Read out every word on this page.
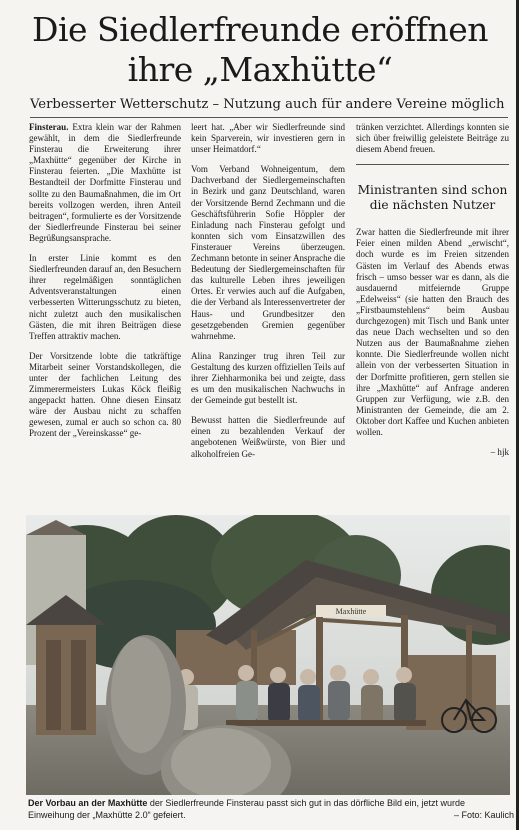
Die Siedlerfreunde eröffnen
ihre „Maxhütte“
Verbesserter Wetterschutz – Nutzung auch für andere Vereine möglich

Finsterau. Extra klein war der Rahmen gewählt, in dem die Siedlerfreunde Finsterau die Erweiterung ihrer „Maxhütte“ gegenüber der Kirche in Finsterau feierten. „Die Maxhütte ist Bestandteil der Dorfmitte Finsterau und sollte zu den Baumaßnahmen, die im Ort bereits vollzogen werden, ihren Anteil beitragen“, formulierte es der Vorsitzende der Siedlerfreunde Finsterau bei seiner Begrüßungsansprache.

In erster Linie kommt es den Siedlerfreunden darauf an, den Besuchern ihrer regelmäßigen sonntäglichen Adventsveranstaltungen einen verbesserten Witterungsschutz zu bieten, nicht zuletzt auch den musikalischen Gästen, die mit ihren Beiträgen diese Treffen attraktiv machen.

Der Vorsitzende lobte die tatkräftige Mitarbeit seiner Vorstandskollegen, die unter der fachlichen Leitung des Zimmerermeisters Lukas Köck fleißig angepackt hatten. Ohne diesen Einsatz wäre der Ausbau nicht zu schaffen gewesen, zumal er auch so schon ca. 80 Prozent der „Vereinskasse“ ge-

leert hat. „Aber wir Siedlerfreunde sind kein Sparverein, wir investieren gern in unser Heimatdorf.“

Vom Verband Wohneigentum, dem Dachverband der Siedlergemeinschaften in Bezirk und ganz Deutschland, waren der Vorsitzende Bernd Zechmann und die Geschäftsführerin Sofie Höppler der Einladung nach Finsterau gefolgt und konnten sich vom Einsatzwillen des Finsterauer Vereins überzeugen. Zechmann betonte in seiner Ansprache die Bedeutung der Siedlergemeinschaften für das kulturelle Leben ihres jeweiligen Ortes. Er verwies auch auf die Aufgaben, die der Verband als Interessenvertreter der Haus- und Grundbesitzer den gesetzgebenden Gremien gegenüber wahrnehme.

Alina Ranzinger trug ihren Teil zur Gestaltung des kurzen offiziellen Teils auf ihrer Ziehharmonika bei und zeigte, dass es um den musikalischen Nachwuchs in der Gemeinde gut bestellt ist.

Bewusst hatten die Siedlerfreunde auf einen zu bezahlenden Verkauf der angebotenen Weißwürste, von Bier und alkoholfreien Ge-

tränken verzichtet. Allerdings konnten sie sich über freiwillig geleistete Beiträge zu diesem Abend freuen.

Ministranten sind schon die nächsten Nutzer

Zwar hatten die Siedlerfreunde mit ihrer Feier einen milden Abend „erwischt“, doch wurde es im Freien sitzenden Gästen im Verlauf des Abends etwas frisch – umso besser war es dann, als die ausdauernd mitfeiernde Gruppe „Edelweiss“ (sie hatten den Brauch des „Firstbaumstehlens“ beim Ausbau durchgezogen) mit Tisch und Bank unter das neue Dach wechselten und so den Nutzen aus der Baumaßnahme ziehen konnte. Die Siedlerfreunde wollen nicht allein von der verbesserten Situation in der Dorfmitte profitieren, gern stellen sie ihre „Maxhütte“ auf Anfrage anderen Gruppen zur Verfügung, wie z.B. den Ministranten der Gemeinde, die am 2. Oktober dort Kaffee und Kuchen anbieten wollen.

– hjk

Maxhütte
Der Vorbau an der Maxhütte der Siedlerfreunde Finsterau passt sich gut in das dörfliche Bild ein, jetzt wurde Einweihung der „Maxhütte 2.0“ gefeiert.	– Foto: Kaulich
